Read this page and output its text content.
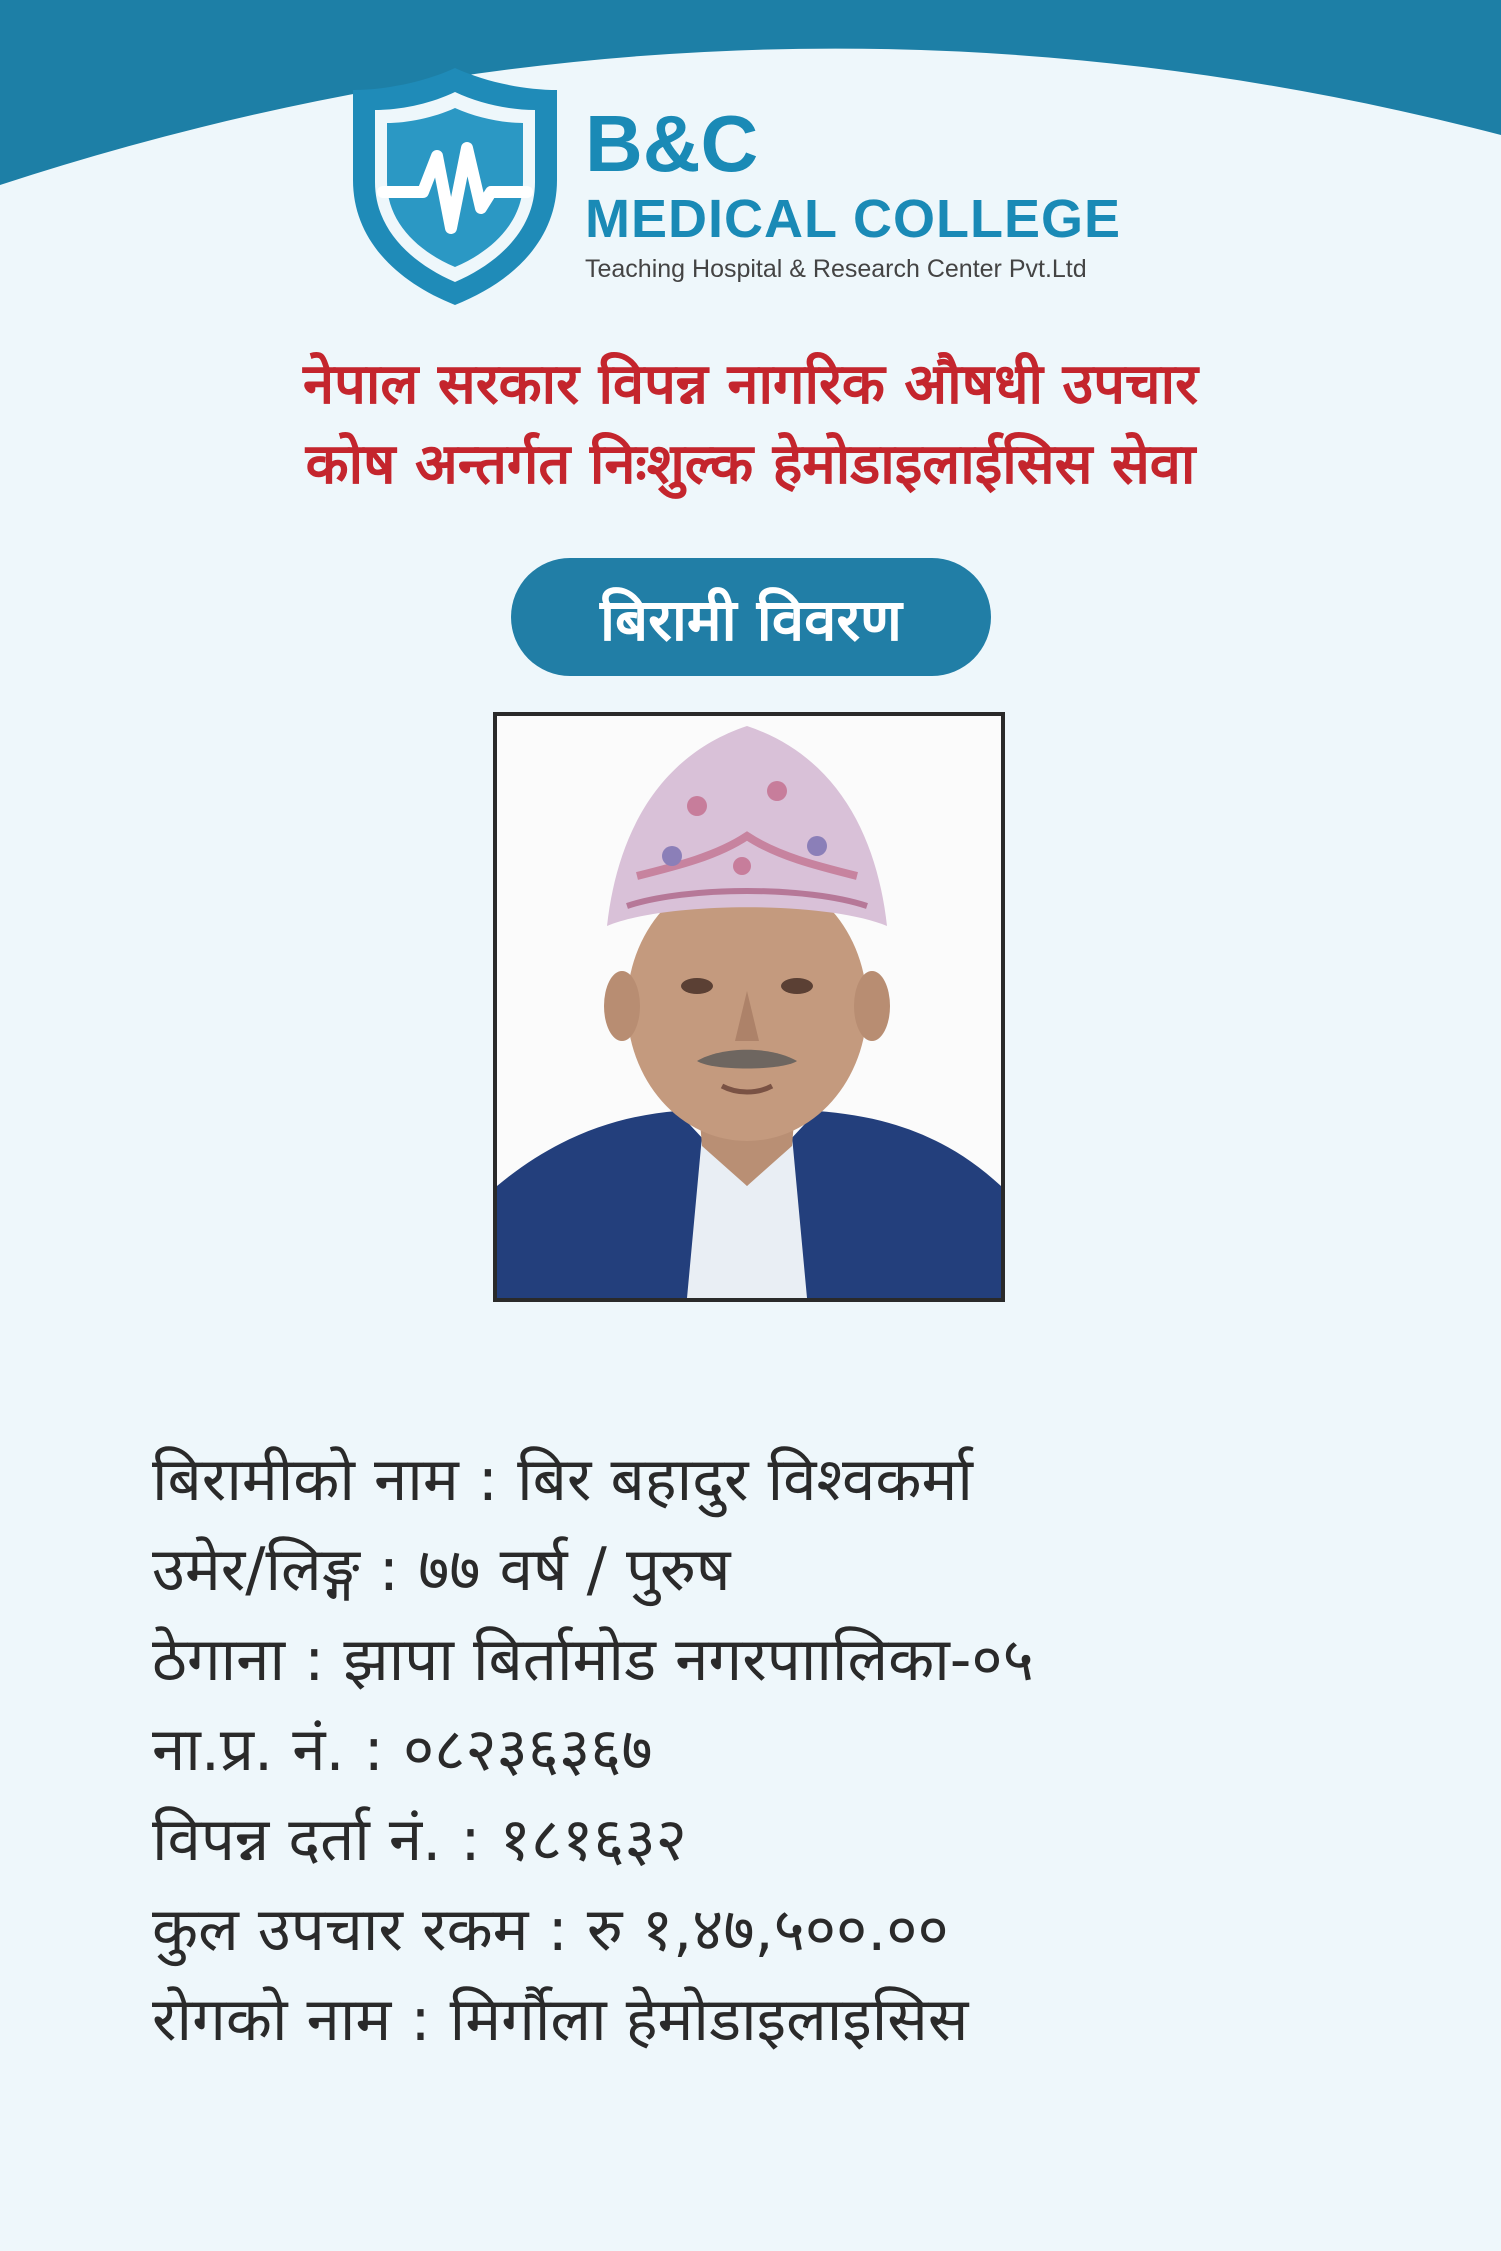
B&C
MEDICAL COLLEGE
Teaching Hospital & Research Center Pvt.Ltd
नेपाल सरकार विपन्न नागरिक औषधी उपचार
कोष अन्तर्गत निःशुल्क हेमोडाइलाईसिस सेवा
बिरामी विवरण
बिरामीको नाम : बिर बहादुर विश्वकर्मा
उमेर/लिङ्ग : ७७ वर्ष / पुरुष
ठेगाना : झापा बिर्तामोड नगरपाालिका-०५
ना.प्र. नं. : ०८२३६३६७
विपन्न दर्ता नं. : १८१६३२
कुल उपचार रकम : रु १,४७,५००.००
रोगको नाम : मिर्गौला हेमोडाइलाइसिस
